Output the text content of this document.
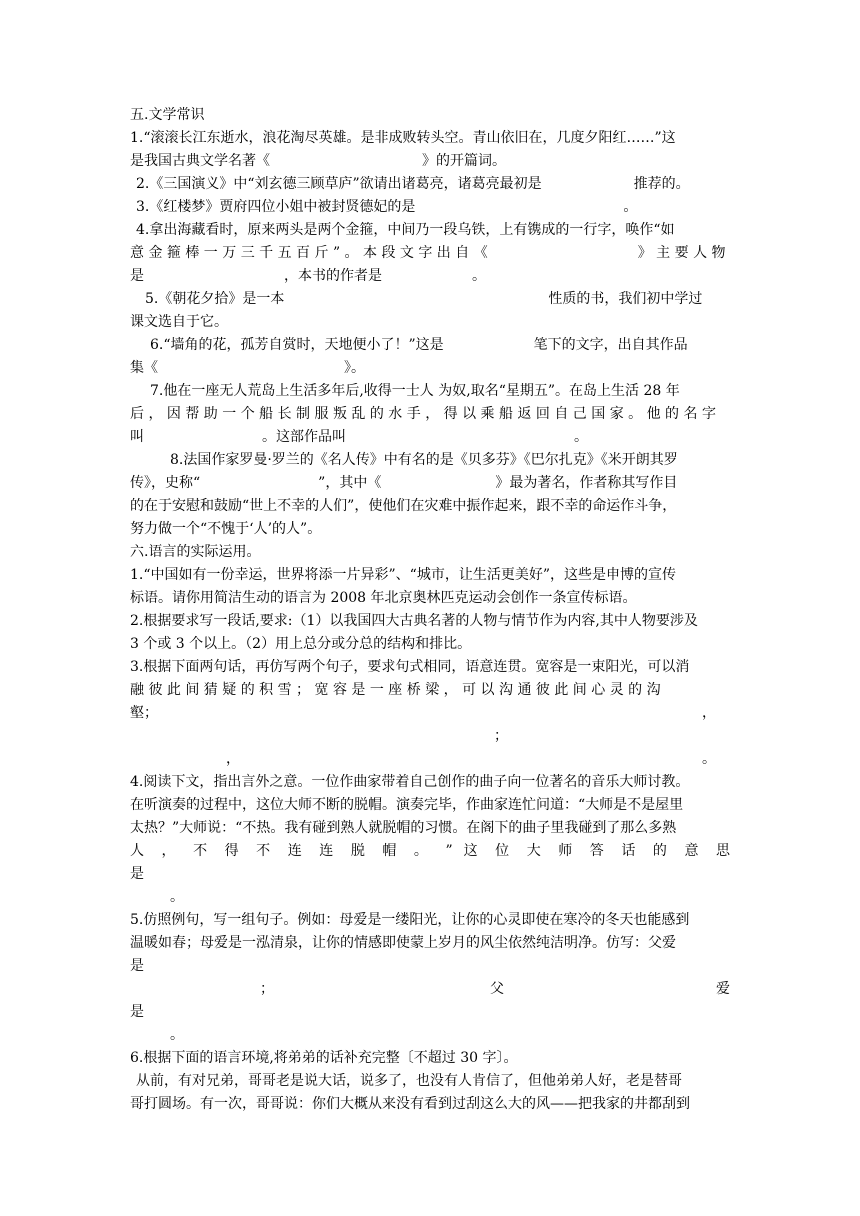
五.文学常识
1.“滚滚长江东逝水，浪花淘尽英雄。是非成败转头空。青山依旧在，几度夕阳红……”这
是我国古典文学名著《	》的开篇词。
2.《三国演义》中“刘玄德三顾草庐”欲请出诸葛亮，诸葛亮最初是	推荐的。
3.《红楼梦》贾府四位小姐中被封贤德妃的是	。
4.拿出海藏看时，原来两头是两个金箍，中间乃一段乌铁，上有镌成的一行字，唤作“如
意 金 箍 棒 一 万 三 千 五 百 斤 ” 。 本 段 文 字 出 自 《	》 主 要 人 物
是	，本书的作者是	。
5.《朝花夕拾》是一本	性质的书，我们初中学过
课文选自于它。
6.“墙角的花，孤芳自赏时，天地便小了！”这是	笔下的文字，出自其作品
集《	》。
7.他在一座无人荒岛上生活多年后,收得一士人 为奴,取名“星期五”。在岛上生活 28 年
后 ， 因 帮 助 一 个 船 长 制 服 叛 乱 的 水 手 ， 得 以 乘 船 返 回 自 己 国 家 。 他 的 名 字
叫	。这部作品叫	。
8.法国作家罗曼·罗兰的《名人传》中有名的是《贝多芬》《巴尔扎克》《米开朗其罗
传》，史称“	”，其中《	》最为著名，作者称其写作目
的在于安慰和鼓励“世上不幸的人们”，使他们在灾难中振作起来，跟不幸的命运作斗争，
努力做一个“不愧于‘人’的人”。
六.语言的实际运用。
1.“中国如有一份幸运，世界将添一片异彩”、“城市，让生活更美好”，这些是申博的宣传
标语。请你用简洁生动的语言为 2008 年北京奥林匹克运动会创作一条宣传标语。
2.根据要求写一段话,要求:（1）以我国四大古典名著的人物与情节作为内容,其中人物要涉及
3 个或 3 个以上。（2）用上总分或分总的结构和排比。
3.根据下面两句话，再仿写两个句子，要求句式相同，语意连贯。宽容是一束阳光，可以消
融 彼 此 间 猜 疑 的 积 雪 ； 宽 容 是 一 座 桥 梁 ， 可 以 沟 通 彼 此 间 心 灵 的 沟
壑；	，
；
，	。
4.阅读下文，指出言外之意。一位作曲家带着自己创作的曲子向一位著名的音乐大师讨教。
在听演奏的过程中，这位大师不断的脱帽。演奏完毕，作曲家连忙问道：“大师是不是屋里
太热？”大师说：“不热。我有碰到熟人就脱帽的习惯。在阁下的曲子里我碰到了那么多熟
人 ， 不 得 不 连 连 脱 帽 。 ” 这 位 大 师 答 话 的 意 思
是
。
5.仿照例句，写一组句子。例如：母爱是一缕阳光，让你的心灵即使在寒冷的冬天也能感到
温暖如春；母爱是一泓清泉，让你的情感即使蒙上岁月的风尘依然纯洁明净。仿写：父爱
是
；	父	爱
是
。
6.根据下面的语言环境,将弟弟的话补充完整〔不超过 30 字〕。
从前，有对兄弟，哥哥老是说大话，说多了，也没有人肯信了，但他弟弟人好，老是替哥
哥打圆场。有一次，哥哥说：你们大概从来没有看到过刮这么大的风——把我家的井都刮到
